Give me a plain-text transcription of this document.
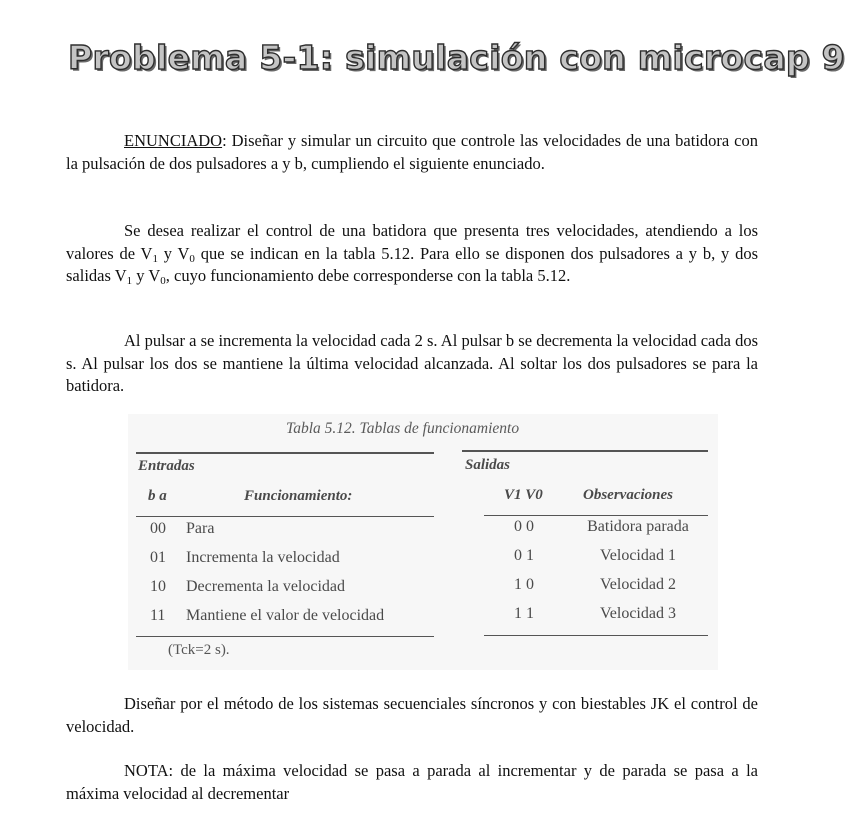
Problema 5-1: simulación con microcap 9

ENUNCIADO: Diseñar y simular un circuito que controle las velocidades de una batidora con la pulsación de dos pulsadores a y b, cumpliendo el siguiente enunciado.

Se desea realizar el control de una batidora que presenta tres velocidades, atendiendo a los valores de $V_1$ y $V_0$ que se indican en la tabla 5.12. Para ello se disponen dos pulsadores a y b, y dos salidas $V_1$ y $V_0$, cuyo funcionamiento debe corresponderse con la tabla 5.12.

Al pulsar a se incrementa la velocidad cada 2 s. Al pulsar b se decrementa la velocidad cada dos s. Al pulsar los dos se mantiene la última velocidad alcanzada. Al soltar los dos pulsadores se para la batidora.

Tabla 5.12. Tablas de funcionamiento
Entradas	Salidas
b a	Funcionamiento:	V1 V0	Observaciones
00 Para	0 0	Batidora parada
01 Incrementa la velocidad	0 1	Velocidad 1
10 Decrementa la velocidad	1 0	Velocidad 2
11 Mantiene el valor de velocidad	1 1	Velocidad 3
(Tck=2 s).

Diseñar por el método de los sistemas secuenciales síncronos y con biestables JK el control de velocidad.

NOTA: de la máxima velocidad se pasa a parada al incrementar y de parada se pasa a la máxima velocidad al decrementar
